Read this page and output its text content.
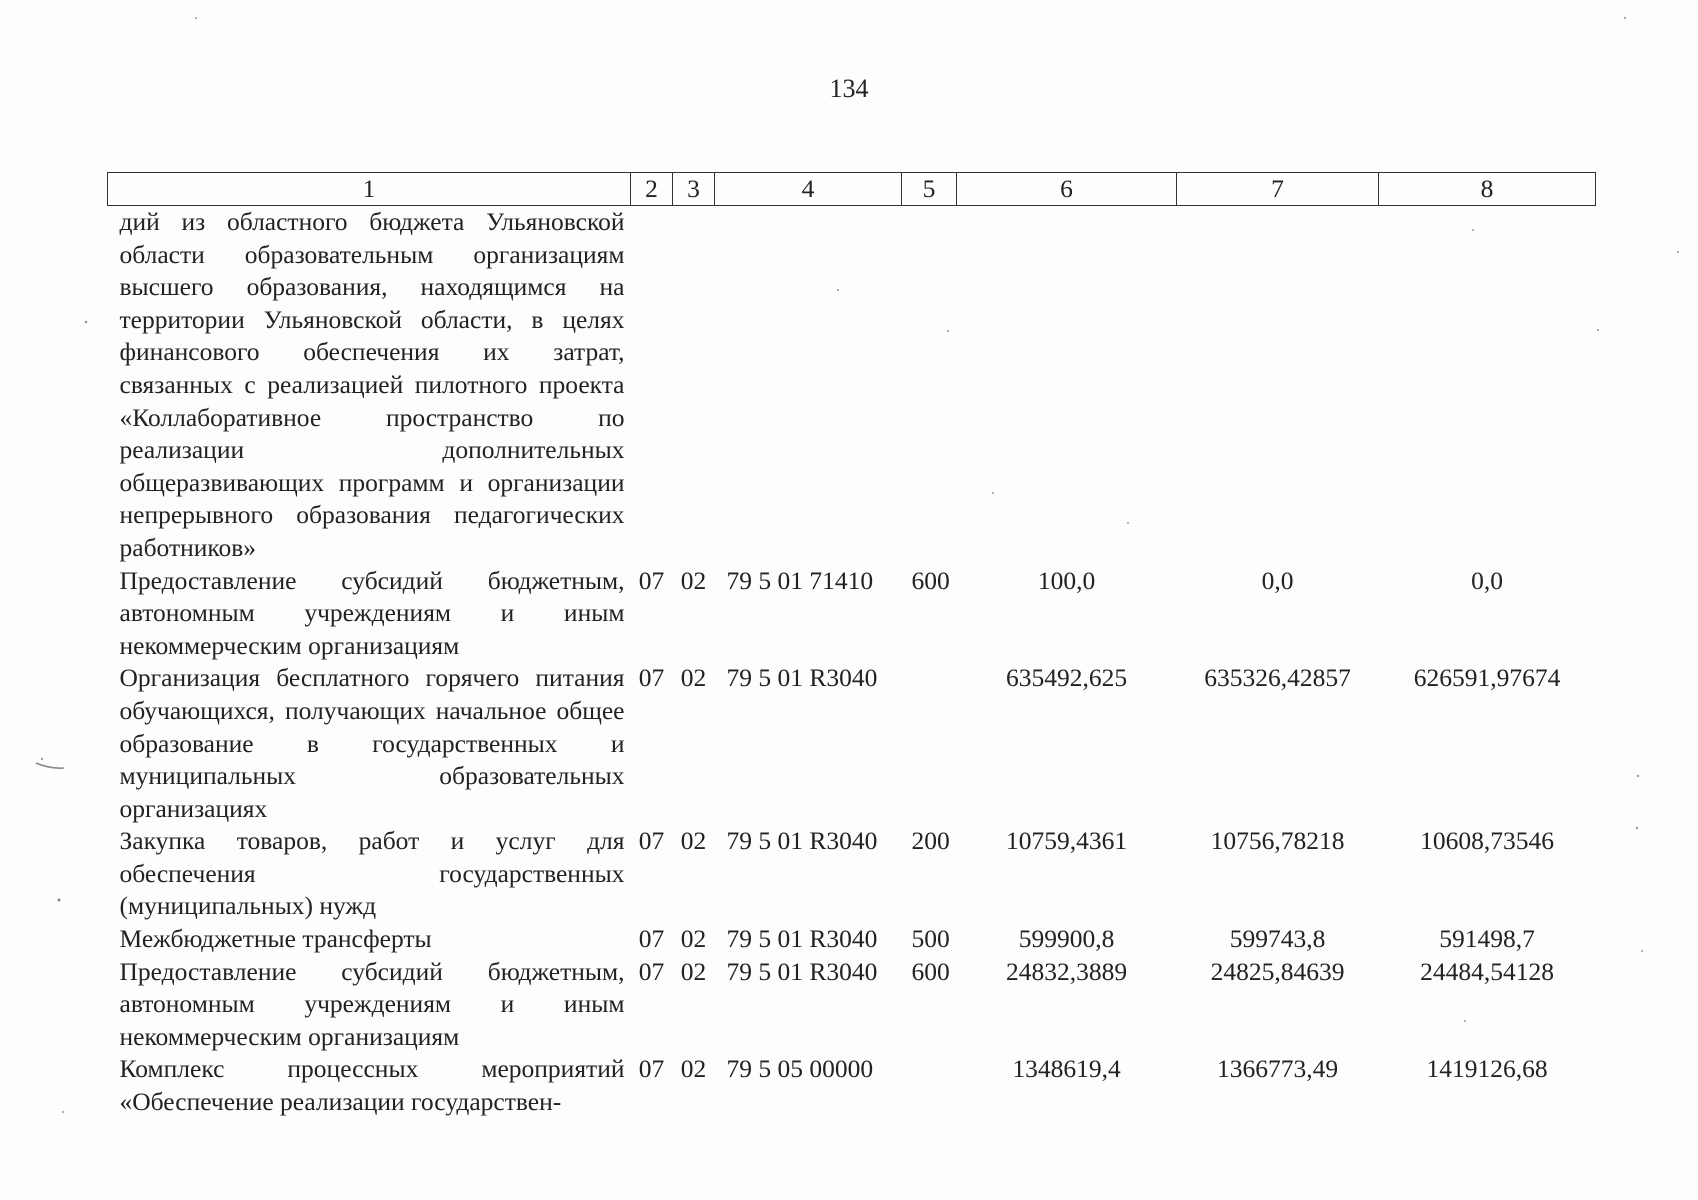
134
1	2	3	4	5	6	7	8
дий из областного бюджета Ульяновской области образовательным организациям высшего образования, находящимся на территории Ульяновской области, в целях финансового обеспечения их затрат, связанных с реализацией пилотного проекта «Коллаборативное пространство по реализации дополнительных общеразвивающих программ и организации непрерывного образования педагогических работников»							
Предоставление субсидий бюджетным, автономным учреждениям и иным некоммерческим организациям	07	02	79 5 01 71410	600	100,0	0,0	0,0
Организация бесплатного горячего питания обучающихся, получающих начальное общее образование в государственных и муниципальных образовательных организациях	07	02	79 5 01 R3040		635492,625	635326,42857	626591,97674
Закупка товаров, работ и услуг для обеспечения государственных (муниципальных) нужд	07	02	79 5 01 R3040	200	10759,4361	10756,78218	10608,73546
Межбюджетные трансферты	07	02	79 5 01 R3040	500	599900,8	599743,8	591498,7
Предоставление субсидий бюджетным, автономным учреждениям и иным некоммерческим организациям	07	02	79 5 01 R3040	600	24832,3889	24825,84639	24484,54128
Комплекс процессных мероприятий «Обеспечение реализации государствен-	07	02	79 5 05 00000		1348619,4	1366773,49	1419126,68
